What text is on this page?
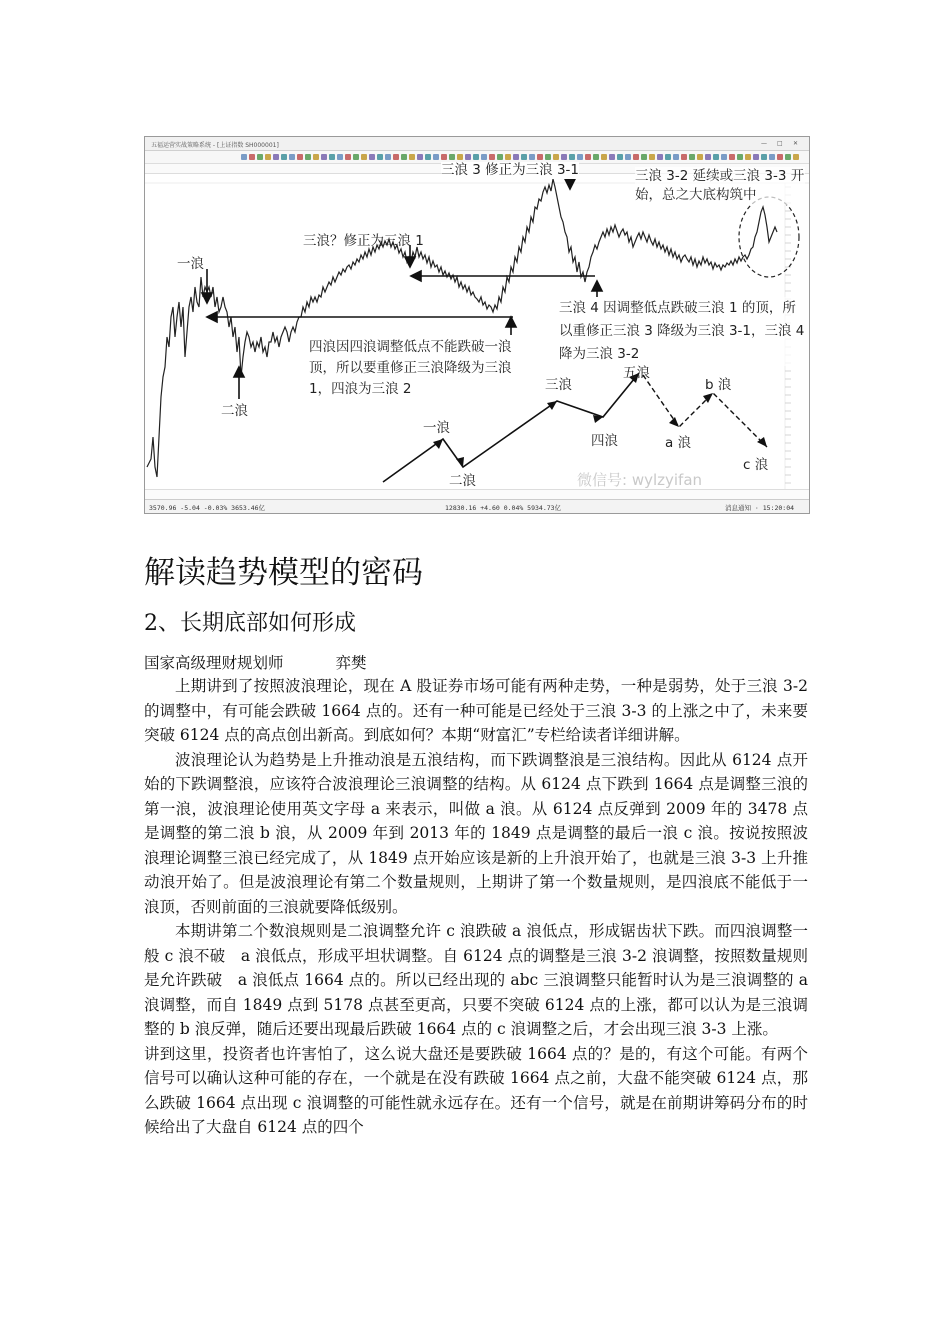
五福运营实战策略系统 - [上证指数 SH000001]	— □ ✕
一浪
二浪
三浪？修正为三浪 1
三浪 3 修正为三浪 3-1	三浪 3-2 延续或三浪 3-3 开始，总之大底构筑中
四浪因四浪调整低点不能跌破一浪顶，所以要重修正三浪降级为三浪 1，四浪为三浪 2
三浪 4 因调整低点跌破三浪 1 的顶，所以重修正三浪 3 降级为三浪 3-1，三浪 4 降为三浪 3-2
一浪
二浪
三浪
四浪
五浪
a 浪
b 浪
c 浪
微信号: wylzyifan
3570.96 -5.04 -0.03% 3653.46亿	12830.16 +4.60 0.04% 5934.73亿	消息通知 · 15:20:04
解读趋势模型的密码
2、长期底部如何形成
国家高级理财规划师	弈樊

上期讲到了按照波浪理论，现在 A 股证券市场可能有两种走势，一种是弱势，处于三浪 3-2 的调整中，有可能会跌破 1664 点的。还有一种可能是已经处于三浪 3-3 的上涨之中了，未来要突破 6124 点的高点创出新高。到底如何？本期“财富汇”专栏给读者详细讲解。

波浪理论认为趋势是上升推动浪是五浪结构，而下跌调整浪是三浪结构。因此从 6124 点开始的下跌调整浪，应该符合波浪理论三浪调整的结构。从 6124 点下跌到 1664 点是调整三浪的第一浪，波浪理论使用英文字母 a 来表示，叫做 a 浪。从 6124 点反弹到 2009 年的 3478 点是调整的第二浪 b 浪，从 2009 年到 2013 年的 1849 点是调整的最后一浪 c 浪。按说按照波浪理论调整三浪已经完成了，从 1849 点开始应该是新的上升浪开始了，也就是三浪 3-3 上升推动浪开始了。但是波浪理论有第二个数量规则，上期讲了第一个数量规则，是四浪底不能低于一浪顶，否则前面的三浪就要降低级别。

本期讲第二个数浪规则是二浪调整允许 c 浪跌破 a 浪低点，形成锯齿状下跌。而四浪调整一般 c 浪不破　a 浪低点，形成平坦状调整。自 6124 点的调整是三浪 3-2 浪调整，按照数量规则是允许跌破　a 浪低点 1664 点的。所以已经出现的 abc 三浪调整只能暂时认为是三浪调整的 a 浪调整，而自 1849 点到 5178 点甚至更高，只要不突破 6124 点的上涨，都可以认为是三浪调整的 b 浪反弹，随后还要出现最后跌破 1664 点的 c 浪调整之后，才会出现三浪 3-3 上涨。

讲到这里，投资者也许害怕了，这么说大盘还是要跌破 1664 点的？是的，有这个可能。有两个信号可以确认这种可能的存在，一个就是在没有跌破 1664 点之前，大盘不能突破 6124 点，那么跌破 1664 点出现 c 浪调整的可能性就永远存在。还有一个信号，就是在前期讲筹码分布的时候给出了大盘自 6124 点的四个
